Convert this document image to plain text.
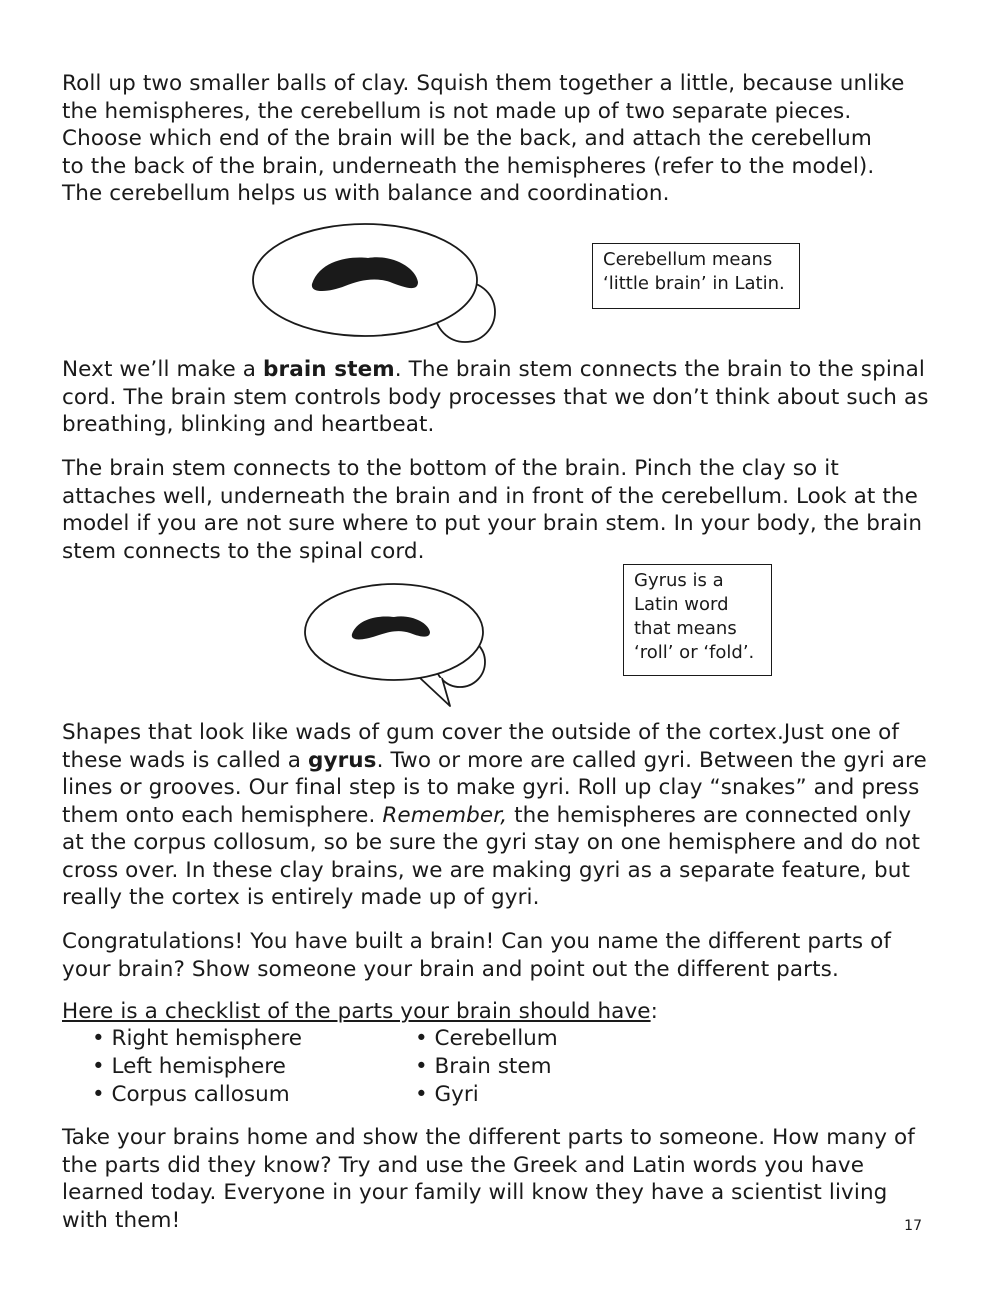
Roll up two smaller balls of clay. Squish them together a little, because unlike
the hemispheres, the cerebellum is not made up of two separate pieces.
Choose which end of the brain will be the back, and attach the cerebellum
to the back of the brain, underneath the hemispheres (refer to the model).
The cerebellum helps us with balance and coordination.
Cerebellum means
‘little brain’ in Latin.

Next we’ll make a brain stem. The brain stem connects the brain to the spinal cord. The brain stem controls body processes that we don’t think about such as breathing, blinking and heartbeat.

The brain stem connects to the bottom of the brain. Pinch the clay so it attaches well, underneath the brain and in front of the cerebellum. Look at the model if you are not sure where to put your brain stem. In your body, the brain stem connects to the spinal cord.

Gyrus is a
Latin word
that means
‘roll’ or ‘fold’.

Shapes that look like wads of gum cover the outside of the cortex.Just one of these wads is called a gyrus. Two or more are called gyri. Between the gyri are lines or grooves. Our final step is to make gyri. Roll up clay “snakes” and press them onto each hemisphere. Remember, the hemispheres are connected only at the corpus collosum, so be sure the gyri stay on one hemisphere and do not cross over. In these clay brains, we are making gyri as a separate feature, but really the cortex is entirely made up of gyri.

Congratulations! You have built a brain! Can you name the different parts of your brain? Show someone your brain and point out the different parts.

Here is a checklist of the parts your brain should have:
• Right hemisphere
• Left hemisphere
• Corpus callosum
• Cerebellum
• Brain stem
• Gyri

Take your brains home and show the different parts to someone. How many of the parts did they know? Try and use the Greek and Latin words you have learned today. Everyone in your family will know they have a scientist living with them!	17
